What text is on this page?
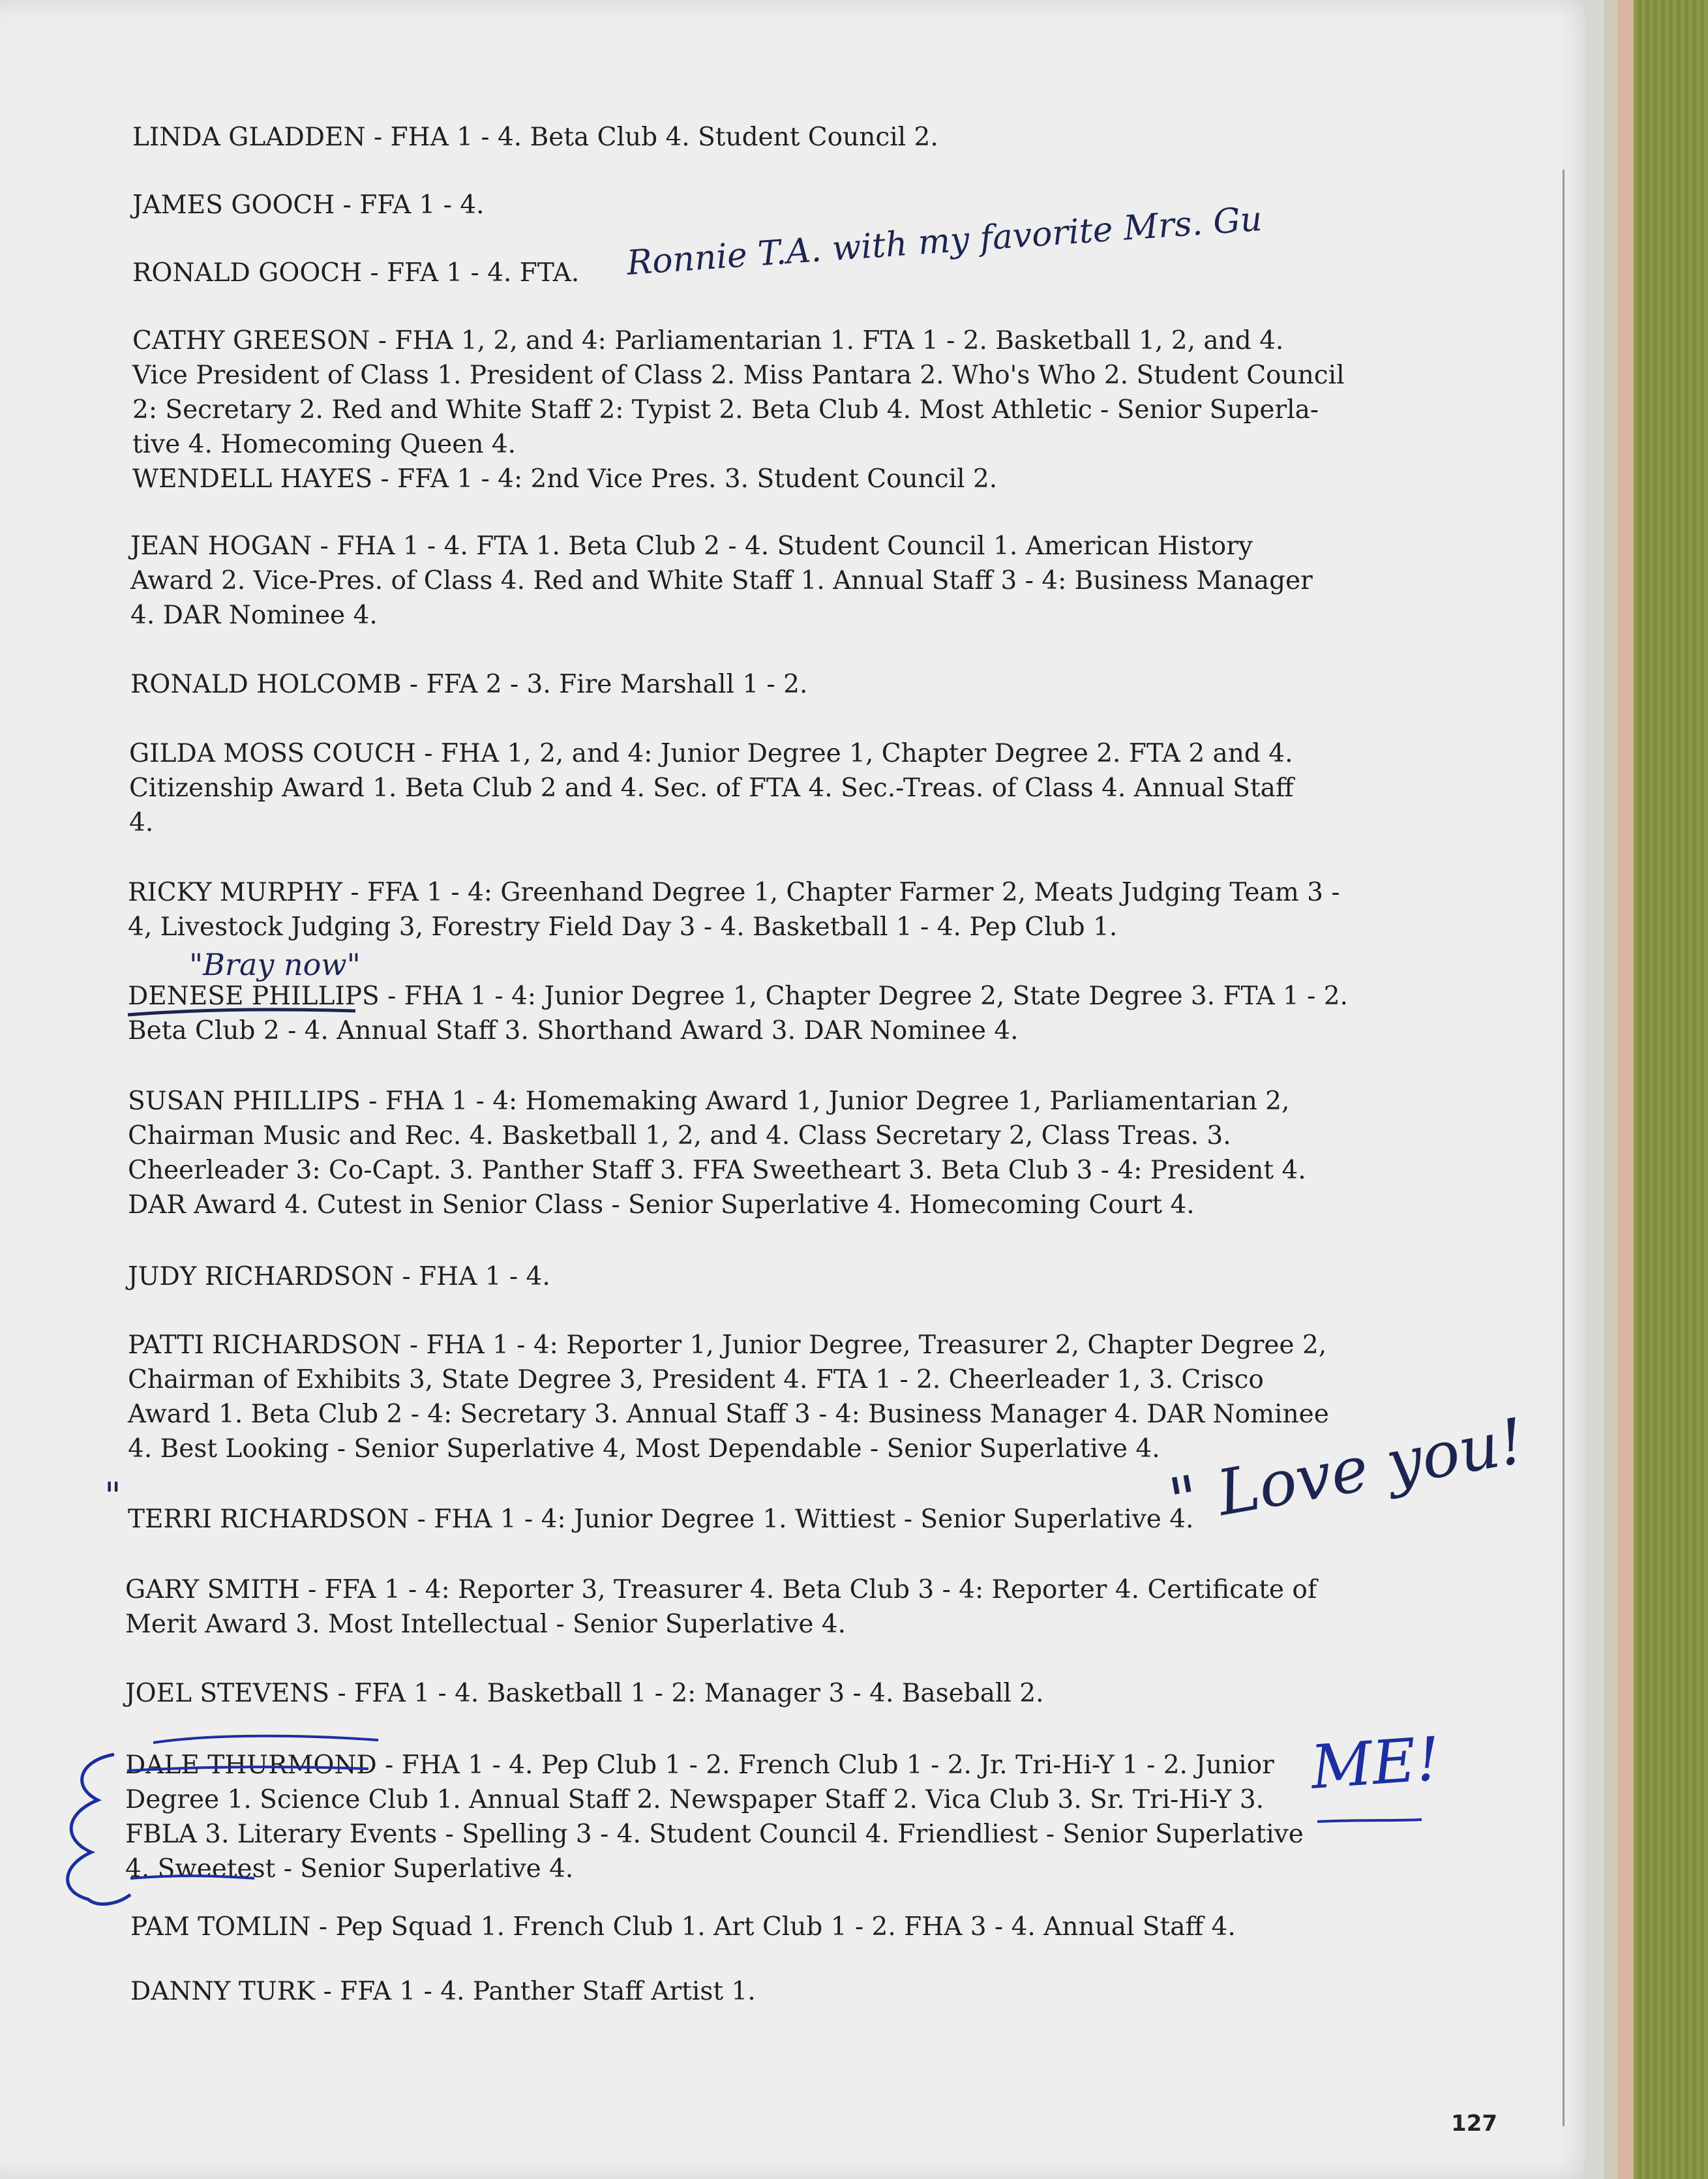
LINDA GLADDEN - FHA 1 - 4. Beta Club 4. Student Council 2.
JAMES GOOCH - FFA 1 - 4.
RONALD GOOCH - FFA 1 - 4. FTA.
CATHY GREESON - FHA 1, 2, and 4: Parliamentarian 1. FTA 1 - 2. Basketball 1, 2, and 4.
Vice President of Class 1. President of Class 2. Miss Pantara 2. Who's Who 2. Student Council
2: Secretary 2. Red and White Staff 2: Typist 2. Beta Club 4. Most Athletic - Senior Superla-
tive 4. Homecoming Queen 4.
WENDELL HAYES - FFA 1 - 4: 2nd Vice Pres. 3. Student Council 2.
JEAN HOGAN - FHA 1 - 4. FTA 1. Beta Club 2 - 4. Student Council 1. American History
Award 2. Vice-Pres. of Class 4. Red and White Staff 1. Annual Staff 3 - 4: Business Manager
4. DAR Nominee 4.
RONALD HOLCOMB - FFA 2 - 3. Fire Marshall 1 - 2.
GILDA MOSS COUCH - FHA 1, 2, and 4: Junior Degree 1, Chapter Degree 2. FTA 2 and 4.
Citizenship Award 1. Beta Club 2 and 4. Sec. of FTA 4. Sec.-Treas. of Class 4. Annual Staff
4.
RICKY MURPHY - FFA 1 - 4: Greenhand Degree 1, Chapter Farmer 2, Meats Judging Team 3 -
4, Livestock Judging 3, Forestry Field Day 3 - 4. Basketball 1 - 4. Pep Club 1.
DENESE PHILLIPS - FHA 1 - 4: Junior Degree 1, Chapter Degree 2, State Degree 3. FTA 1 - 2.
Beta Club 2 - 4. Annual Staff 3. Shorthand Award 3. DAR Nominee 4.
SUSAN PHILLIPS - FHA 1 - 4: Homemaking Award 1, Junior Degree 1, Parliamentarian 2,
Chairman Music and Rec. 4. Basketball 1, 2, and 4. Class Secretary 2, Class Treas. 3.
Cheerleader 3: Co-Capt. 3. Panther Staff 3. FFA Sweetheart 3. Beta Club 3 - 4: President 4.
DAR Award 4. Cutest in Senior Class - Senior Superlative 4. Homecoming Court 4.
JUDY RICHARDSON - FHA 1 - 4.
PATTI RICHARDSON - FHA 1 - 4: Reporter 1, Junior Degree, Treasurer 2, Chapter Degree 2,
Chairman of Exhibits 3, State Degree 3, President 4. FTA 1 - 2. Cheerleader 1, 3. Crisco
Award 1. Beta Club 2 - 4: Secretary 3. Annual Staff 3 - 4: Business Manager 4. DAR Nominee
4. Best Looking - Senior Superlative 4, Most Dependable - Senior Superlative 4.
TERRI RICHARDSON - FHA 1 - 4: Junior Degree 1. Wittiest - Senior Superlative 4.
GARY SMITH - FFA 1 - 4: Reporter 3, Treasurer 4. Beta Club 3 - 4: Reporter 4. Certificate of
Merit Award 3. Most Intellectual - Senior Superlative 4.
JOEL STEVENS - FFA 1 - 4. Basketball 1 - 2: Manager 3 - 4. Baseball 2.
DALE THURMOND - FHA 1 - 4. Pep Club 1 - 2. French Club 1 - 2. Jr. Tri-Hi-Y 1 - 2. Junior
Degree 1. Science Club 1. Annual Staff 2. Newspaper Staff 2. Vica Club 3. Sr. Tri-Hi-Y 3.
FBLA 3. Literary Events - Spelling 3 - 4. Student Council 4. Friendliest - Senior Superlative
4. Sweetest - Senior Superlative 4.
PAM TOMLIN - Pep Squad 1. French Club 1. Art Club 1 - 2. FHA 3 - 4. Annual Staff 4.
DANNY TURK - FFA 1 - 4. Panther Staff Artist 1.
Ronnie T.A. with my favorite Mrs. Gu
"Bray now"
" Love you!
"
ME!
127
